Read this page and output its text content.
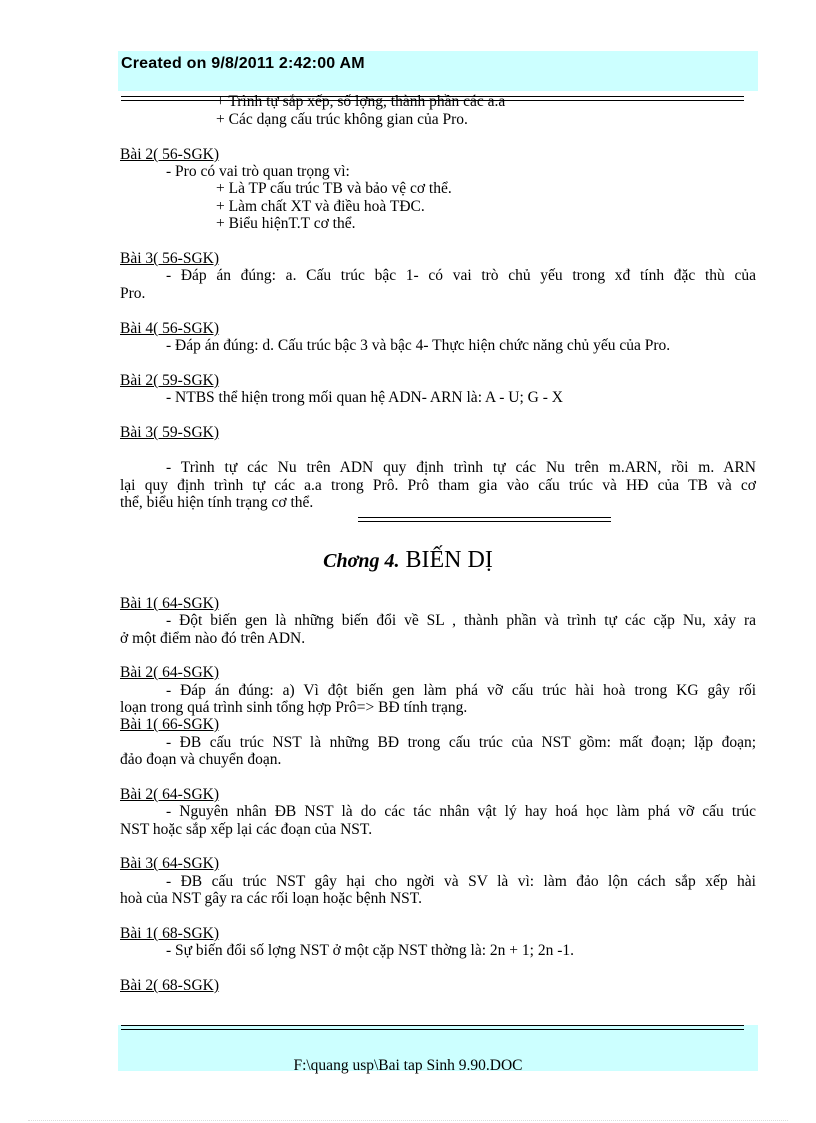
Created on 9/8/2011 2:42:00 AM
+ Trình tự sắp xếp, số lợng, thành phần các a.a
+ Các dạng cấu trúc không gian của Pro.
Bài 2( 56-SGK)
- Pro có vai trò quan trọng vì:
+ Là TP cấu trúc TB và bảo vệ cơ thể.
+ Làm chất XT và điều hoà TĐC.
+ Biểu hiệnT.T cơ thể.
Bài 3( 56-SGK)
- Đáp án đúng: a. Cấu trúc bậc 1- có vai trò chủ yếu trong xđ tính đặc thù của
Pro.
Bài 4( 56-SGK)
- Đáp án đúng: d. Cấu trúc bậc 3 và bậc 4- Thực hiện chức năng chủ yếu của Pro.
Bài 2( 59-SGK)
- NTBS thể hiện trong mối quan hệ ADN- ARN là: A - U; G - X
Bài 3( 59-SGK)
- Trình tự các Nu trên ADN quy định trình tự các Nu trên m.ARN, rồi m. ARN
lại quy định trình tự các a.a trong Prô. Prô tham gia vào cấu trúc và HĐ của TB và cơ
thể, biểu hiện tính trạng cơ thể.
Chơng 4. BIẾN DỊ
Bài 1( 64-SGK)
- Đột biến gen là những biến đổi về SL , thành phần và trình tự các cặp Nu, xảy ra
ở một điểm nào đó trên ADN.
Bài 2( 64-SGK)
- Đáp án đúng: a) Vì đột biến gen làm phá vỡ cấu trúc hài hoà trong KG gây rối
loạn trong quá trình sinh tổng hợp Prô=> BĐ tính trạng.
Bài 1( 66-SGK)
- ĐB cấu trúc NST là những BĐ trong cấu trúc của NST gồm: mất đoạn; lặp đoạn;
đảo đoạn và chuyển đoạn.
Bài 2( 64-SGK)
- Nguyên nhân ĐB NST là do các tác nhân vật lý hay hoá học làm phá vỡ cấu trúc
NST hoặc sắp xếp lại các đoạn của NST.
Bài 3( 64-SGK)
- ĐB cấu trúc NST gây hại cho ngời và SV là vì: làm đảo lộn cách sắp xếp hài
hoà của NST gây ra các rối loạn hoặc bệnh NST.
Bài 1( 68-SGK)
- Sự biến đổi số lợng NST ở một cặp NST thờng là: 2n + 1; 2n -1.
Bài 2( 68-SGK)
F:\quang usp\Bai tap Sinh 9.90.DOC
